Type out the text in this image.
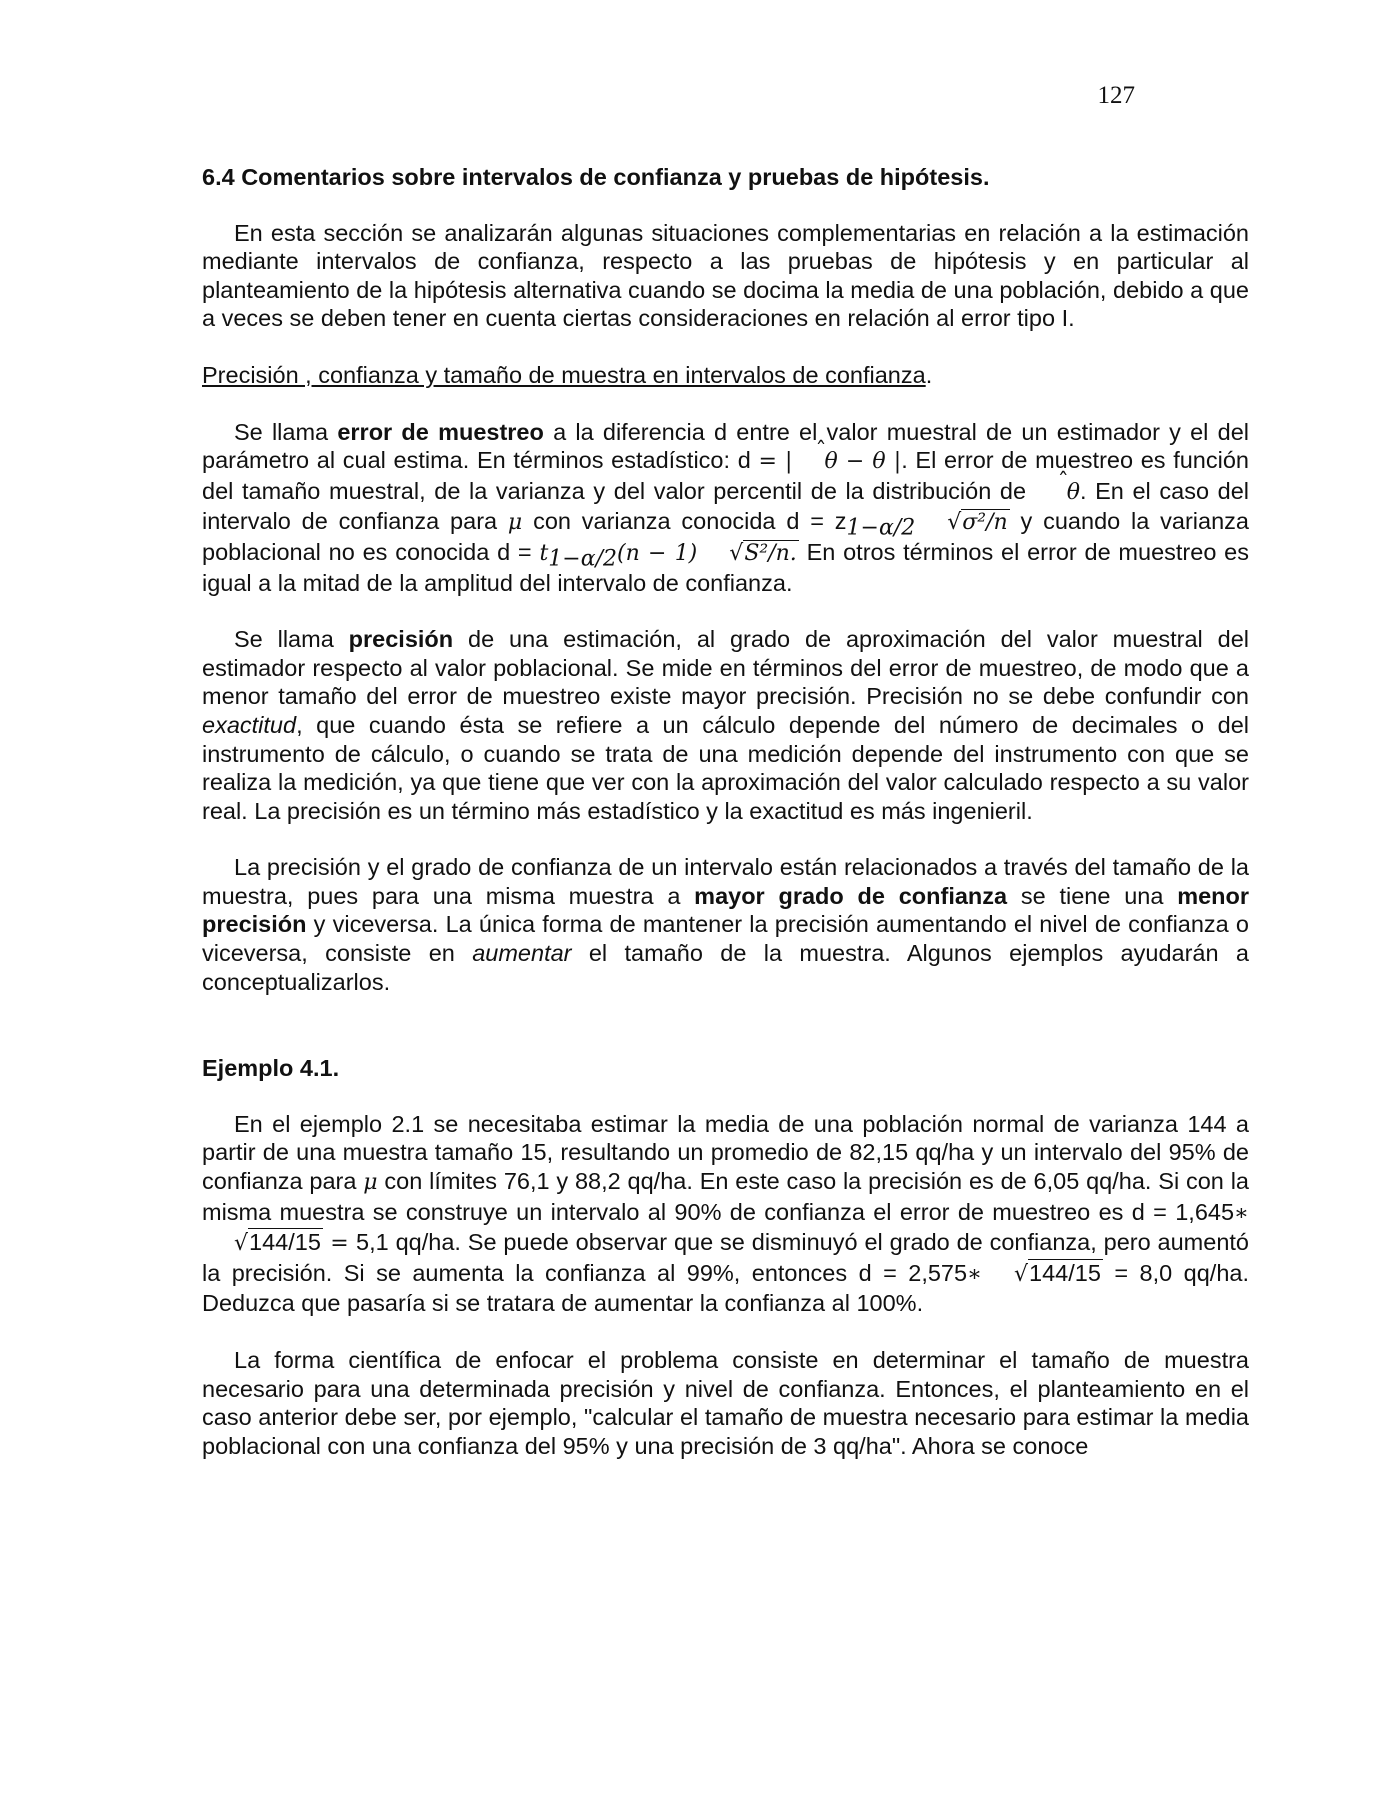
127

6.4 Comentarios sobre intervalos de confianza y pruebas de hipótesis.

En esta sección se analizarán algunas situaciones complementarias en relación a la estimación mediante intervalos de confianza, respecto a las pruebas de hipótesis y en particular al planteamiento de la hipótesis alternativa cuando se docima la media de una población, debido a que a veces se deben tener en cuenta ciertas consideraciones en relación al error tipo I.

Precisión , confianza y tamaño de muestra en intervalos de confianza.

Se llama error de muestreo a la diferencia d entre el valor muestral de un estimador y el del parámetro al cual estima. En términos estadístico: d = |̂ θ − θ |. El error de muestreo es función del tamaño muestral, de la varianza y del valor percentil de la distribución de ̂ θ. En el caso del intervalo de confianza para μ con varianza conocida $d = z_{1-\alpha/2}$ √σ²/n y cuando la varianza poblacional no es conocida $d = t_{1-\alpha/2}(n - 1)$ √S²/n. En otros términos el error de muestreo es igual a la mitad de la amplitud del intervalo de confianza.

Se llama precisión de una estimación, al grado de aproximación del valor muestral del estimador respecto al valor poblacional. Se mide en términos del error de muestreo, de modo que a menor tamaño del error de muestreo existe mayor precisión. Precisión no se debe confundir con exactitud, que cuando ésta se refiere a un cálculo depende del número de decimales o del instrumento de cálculo, o cuando se trata de una medición depende del instrumento con que se realiza la medición, ya que tiene que ver con la aproximación del valor calculado respecto a su valor real. La precisión es un término más estadístico y la exactitud es más ingenieril.

La precisión y el grado de confianza de un intervalo están relacionados a través del tamaño de la muestra, pues para una misma muestra a mayor grado de confianza se tiene una menor precisión y viceversa. La única forma de mantener la precisión aumentando el nivel de confianza o viceversa, consiste en aumentar el tamaño de la muestra. Algunos ejemplos ayudarán a conceptualizarlos.

Ejemplo 4.1.

En el ejemplo 2.1 se necesitaba estimar la media de una población normal de varianza 144 a partir de una muestra tamaño 15, resultando un promedio de 82,15 qq/ha y un intervalo del 95% de confianza para μ con límites 76,1 y 88,2 qq/ha. En este caso la precisión es de 6,05 qq/ha. Si con la misma muestra se construye un intervalo al 90% de confianza el error de muestreo es d = 1,645∗√144/15 = 5,1 qq/ha. Se puede observar que se disminuyó el grado de confianza, pero aumentó la precisión. Si se aumenta la confianza al 99%, entonces d = 2,575∗ √144/15 = 8,0 qq/ha. Deduzca que pasaría si se tratara de aumentar la confianza al 100%.

La forma científica de enfocar el problema consiste en determinar el tamaño de muestra necesario para una determinada precisión y nivel de confianza. Entonces, el planteamiento en el caso anterior debe ser, por ejemplo, "calcular el tamaño de muestra necesario para estimar la media poblacional con una confianza del 95% y una precisión de 3 qq/ha". Ahora se conoce
